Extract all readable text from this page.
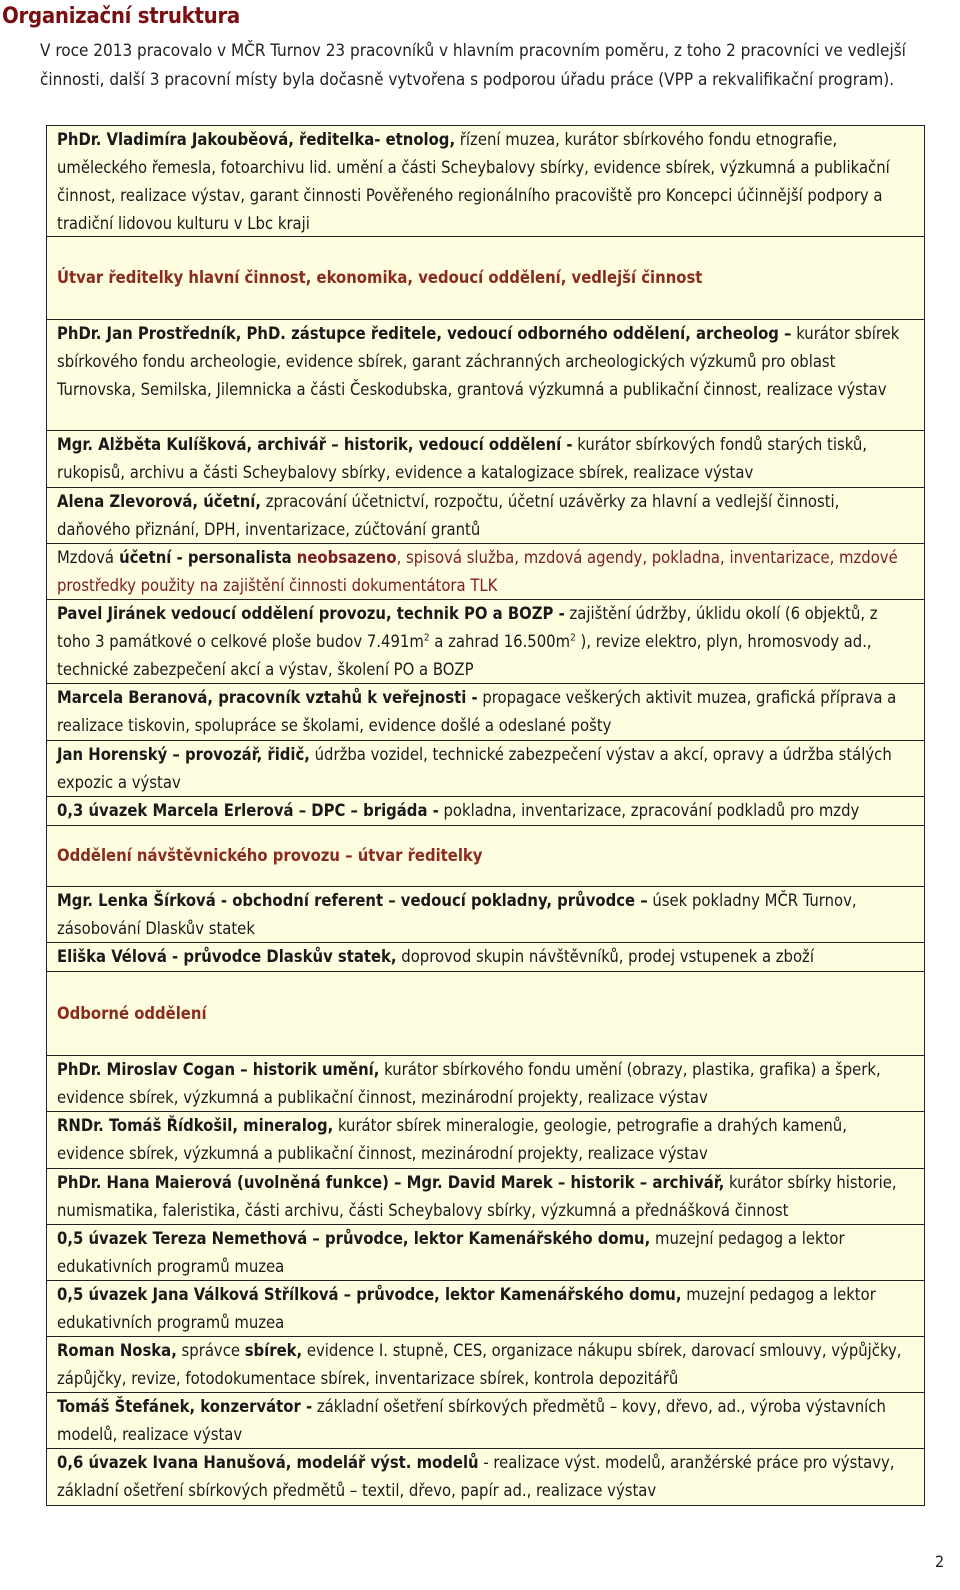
Organizační struktura
V roce 2013 pracovalo v MČR Turnov 23 pracovníků v hlavním pracovním poměru, z toho 2 pracovníci ve vedlejší činnosti, další 3 pracovní místy byla dočasně vytvořena s podporou úřadu práce (VPP a rekvalifikační program).
PhDr. Vladimíra Jakouběová, ředitelka- etnolog, řízení muzea, kurátor sbírkového fondu etnografie, uměleckého řemesla, fotoarchivu lid. umění a části Scheybalovy sbírky, evidence sbírek, výzkumná a publikační činnost, realizace výstav, garant činnosti Pověřeného regionálního pracoviště pro Koncepci účinnější podpory a tradiční lidovou kulturu v Lbc kraji
Útvar ředitelky hlavní činnost, ekonomika, vedoucí oddělení, vedlejší činnost
PhDr. Jan Prostředník, PhD. zástupce ředitele, vedoucí odborného oddělení, archeolog – kurátor sbírek sbírkového fondu archeologie, evidence sbírek, garant záchranných archeologických výzkumů pro oblast Turnovska, Semilska, Jilemnicka a části Českodubska, grantová výzkumná a publikační činnost, realizace výstav
Mgr. Alžběta Kulíšková, archivář – historik, vedoucí oddělení - kurátor sbírkových fondů starých tisků, rukopisů, archivu a části Scheybalovy sbírky, evidence a katalogizace sbírek, realizace výstav
Alena Zlevorová, účetní, zpracování účetnictví, rozpočtu, účetní uzávěrky za hlavní a vedlejší činnosti, daňového přiznání, DPH, inventarizace, zúčtování grantů
Mzdová účetní - personalista neobsazeno, spisová služba, mzdová agendy, pokladna, inventarizace, mzdové prostředky použity na zajištění činnosti dokumentátora TLK
Pavel Jiránek vedoucí oddělení provozu, technik PO a BOZP - zajištění údržby, úklidu okolí (6 objektů, z toho 3 památkové o celkové ploše budov $7.491m^2$ a zahrad $16.500m^2$ ), revize elektro, plyn, hromosvody ad., technické zabezpečení akcí a výstav, školení PO a BOZP
Marcela Beranová, pracovník vztahů k veřejnosti - propagace veškerých aktivit muzea, grafická příprava a realizace tiskovin, spolupráce se školami, evidence došlé a odeslané pošty
Jan Horenský – provozář, řidič, údržba vozidel, technické zabezpečení výstav a akcí, opravy a údržba stálých expozic a výstav
0,3 úvazek Marcela Erlerová – DPC – brigáda - pokladna, inventarizace, zpracování podkladů pro mzdy
Oddělení návštěvnického provozu – útvar ředitelky
Mgr. Lenka Šírková - obchodní referent – vedoucí pokladny, průvodce – úsek pokladny MČR Turnov, zásobování Dlaskův statek
Eliška Vélová - průvodce Dlaskův statek, doprovod skupin návštěvníků, prodej vstupenek a zboží
Odborné oddělení
PhDr. Miroslav Cogan – historik umění, kurátor sbírkového fondu umění (obrazy, plastika, grafika) a šperk, evidence sbírek, výzkumná a publikační činnost, mezinárodní projekty, realizace výstav
RNDr. Tomáš Řídkošil, mineralog, kurátor sbírek mineralogie, geologie, petrografie a drahých kamenů, evidence sbírek, výzkumná a publikační činnost, mezinárodní projekty, realizace výstav
PhDr. Hana Maierová (uvolněná funkce) – Mgr. David Marek – historik – archivář, kurátor sbírky historie, numismatika, faleristika, části archivu, části Scheybalovy sbírky, výzkumná a přednášková činnost
0,5 úvazek Tereza Nemethová – průvodce, lektor Kamenářského domu, muzejní pedagog a lektor edukativních programů muzea
0,5 úvazek Jana Válková Střílková – průvodce, lektor Kamenářského domu, muzejní pedagog a lektor edukativních programů muzea
Roman Noska, správce sbírek, evidence I. stupně, CES, organizace nákupu sbírek, darovací smlouvy, výpůjčky, zápůjčky, revize, fotodokumentace sbírek, inventarizace sbírek, kontrola depozitářů
Tomáš Štefánek, konzervátor - základní ošetření sbírkových předmětů – kovy, dřevo, ad., výroba výstavních modelů, realizace výstav
0,6 úvazek Ivana Hanušová, modelář výst. modelů - realizace výst. modelů, aranžérské práce pro výstavy, základní ošetření sbírkových předmětů – textil, dřevo, papír ad., realizace výstav
2
